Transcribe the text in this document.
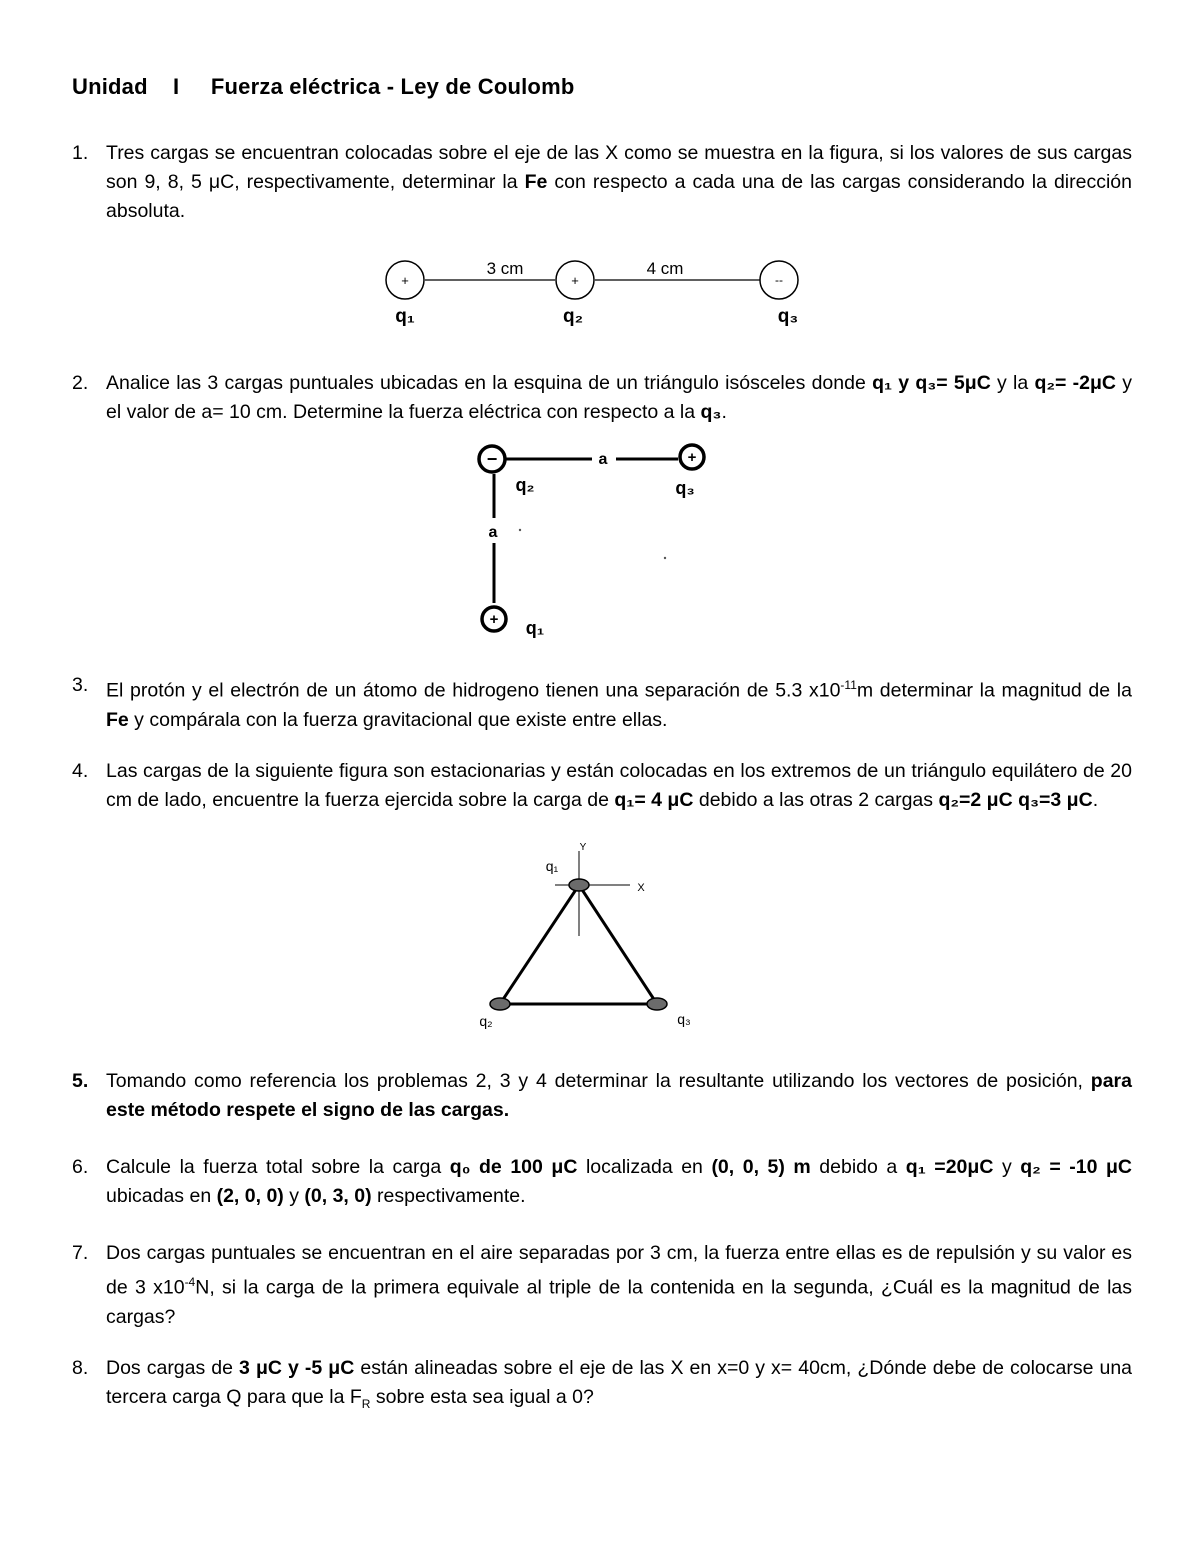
Unidad I Fuerza eléctrica - Ley de Coulomb
1. Tres cargas se encuentran colocadas sobre el eje de las X como se muestra en la figura, si los valores de sus cargas son 9, 8, 5 μC, respectivamente, determinar la Fe con respecto a cada una de las cargas considerando la dirección absoluta.
+	+	--
3 cm	4 cm
q₁	q₂	q₃
2. Analice las 3 cargas puntuales ubicadas en la esquina de un triángulo isósceles donde q₁ y q₃= 5μC y la q₂= -2μC y el valor de a= 10 cm. Determine la fuerza eléctrica con respecto a la q₃.
−	+
+
a
a
q₂	q₃
q₁
3. El protón y el electrón de un átomo de hidrogeno tienen una separación de 5.3 $x10^{-11}m$ determinar la magnitud de la Fe y compárala con la fuerza gravitacional que existe entre ellas.
4. Las cargas de la siguiente figura son estacionarias y están colocadas en los extremos de un triángulo equilátero de 20 cm de lado, encuentre la fuerza ejercida sobre la carga de q₁= 4 μC debido a las otras 2 cargas q₂=2 μC q₃=3 μC.
Y
X
q₁
q₂	q₃
5. Tomando como referencia los problemas 2, 3 y 4 determinar la resultante utilizando los vectores de posición, para este método respete el signo de las cargas.
6. Calcule la fuerza total sobre la carga q₀ de 100 μC localizada en (0, 0, 5) m debido a q₁ =20μC y q₂ = -10 μC ubicadas en (2, 0, 0) y (0, 3, 0) respectivamente.
7. Dos cargas puntuales se encuentran en el aire separadas por 3 cm, la fuerza entre ellas es de repulsión y su valor es de 3 $x10^{-4}N$, si la carga de la primera equivale al triple de la contenida en la segunda, ¿Cuál es la magnitud de las cargas?
8. Dos cargas de 3 μC y -5 μC están alineadas sobre el eje de las X en x=0 y x= 40cm, ¿Dónde debe de colocarse una tercera carga Q para que la $F_R$ sobre esta sea igual a 0?
